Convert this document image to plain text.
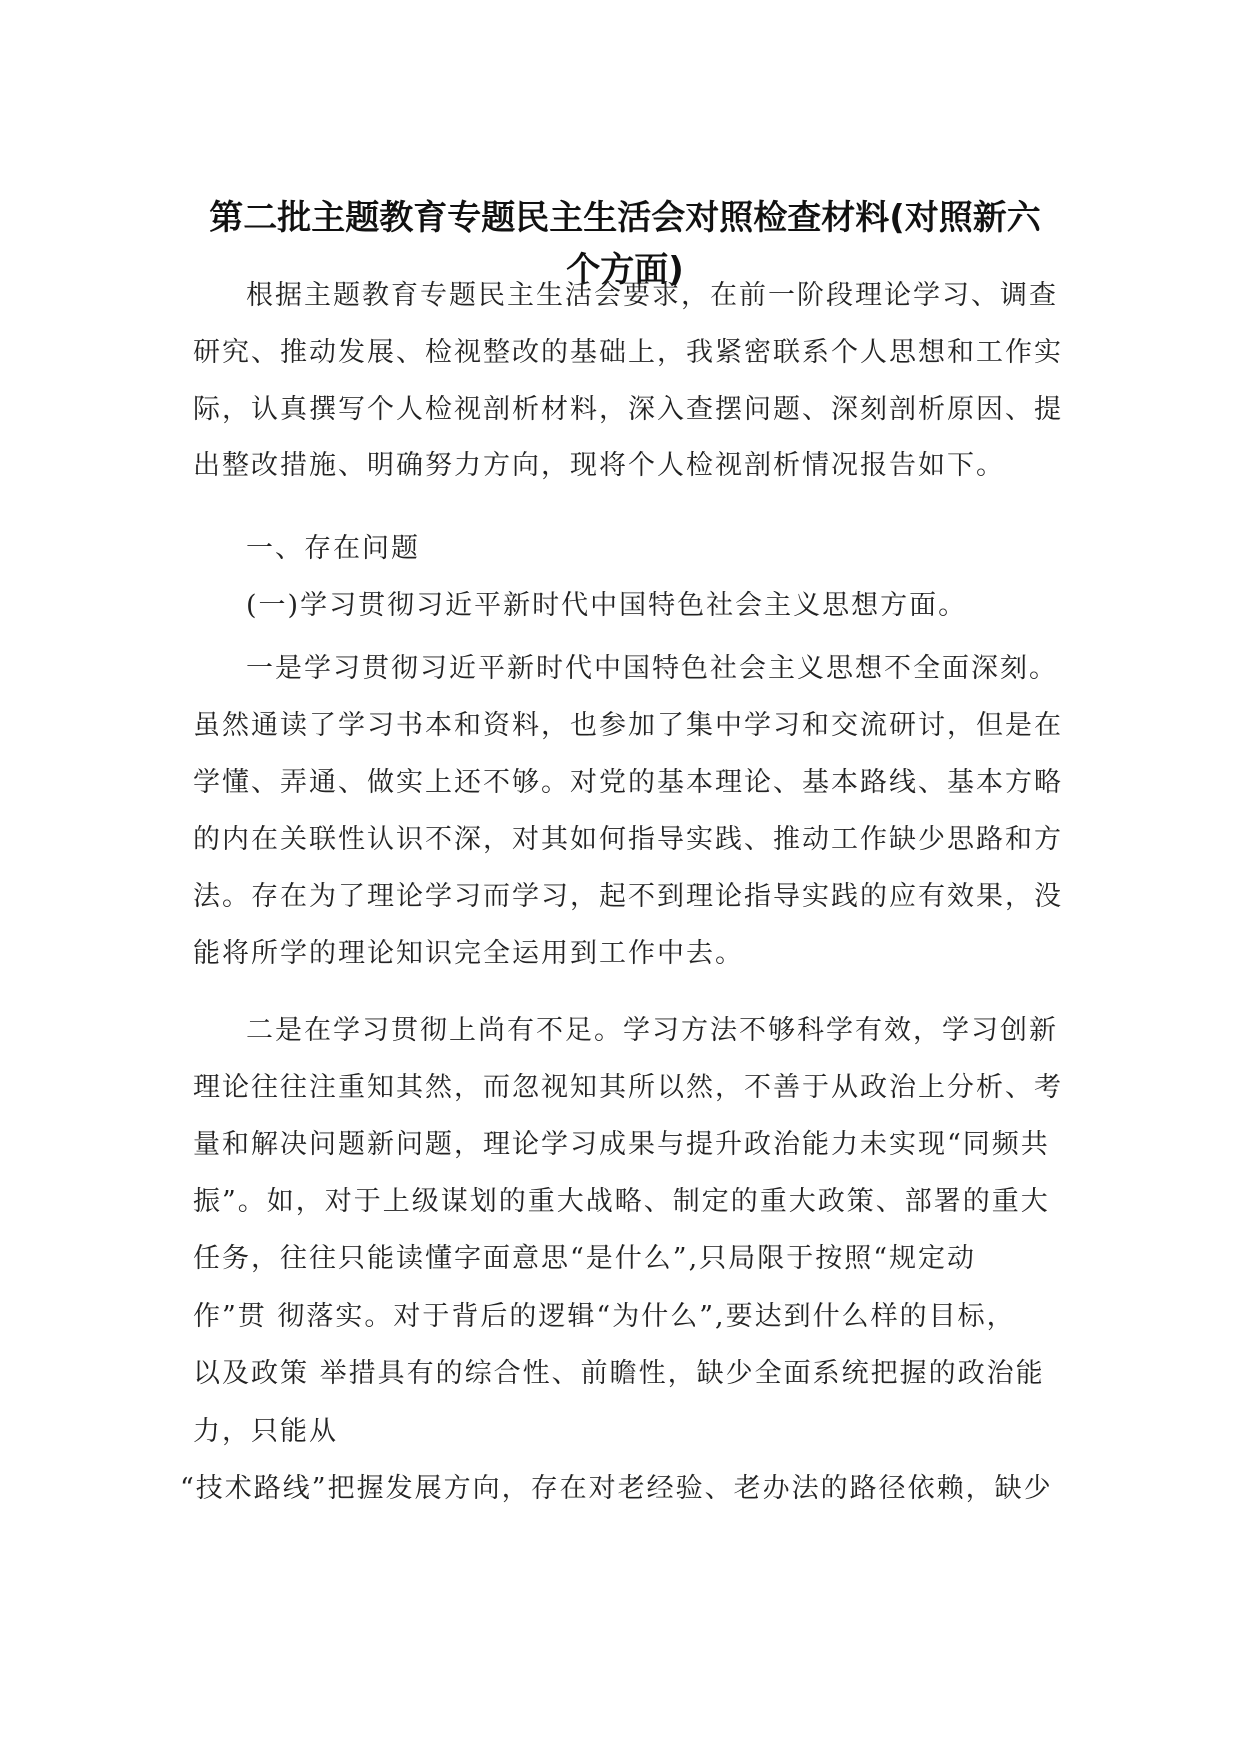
第二批主题教育专题民主生活会对照检查材料(对照新六
个方面)
根据主题教育专题民主生活会要求，在前一阶段理论学习、调查
研究、推动发展、检视整改的基础上，我紧密联系个人思想和工作实
际，认真撰写个人检视剖析材料，深入查摆问题、深刻剖析原因、提
出整改措施、明确努力方向，现将个人检视剖析情况报告如下。
一、存在问题
(一)学习贯彻习近平新时代中国特色社会主义思想方面。
一是学习贯彻习近平新时代中国特色社会主义思想不全面深刻。
虽然通读了学习书本和资料，也参加了集中学习和交流研讨，但是在
学懂、弄通、做实上还不够。对党的基本理论、基本路线、基本方略
的内在关联性认识不深，对其如何指导实践、推动工作缺少思路和方
法。存在为了理论学习而学习，起不到理论指导实践的应有效果，没
能将所学的理论知识完全运用到工作中去。
二是在学习贯彻上尚有不足。学习方法不够科学有效，学习创新
理论往往注重知其然，而忽视知其所以然，不善于从政治上分析、考
量和解决问题新问题，理论学习成果与提升政治能力未实现“同频共
振”。如，对于上级谋划的重大战略、制定的重大政策、部署的重大
任务，往往只能读懂字面意思“是什么”,只局限于按照“规定动
作”贯 彻落实。对于背后的逻辑“为什么”,要达到什么样的目标，
以及政策 举措具有的综合性、前瞻性，缺少全面系统把握的政治能
力，只能从
“技术路线”把握发展方向，存在对老经验、老办法的路径依赖，缺少
